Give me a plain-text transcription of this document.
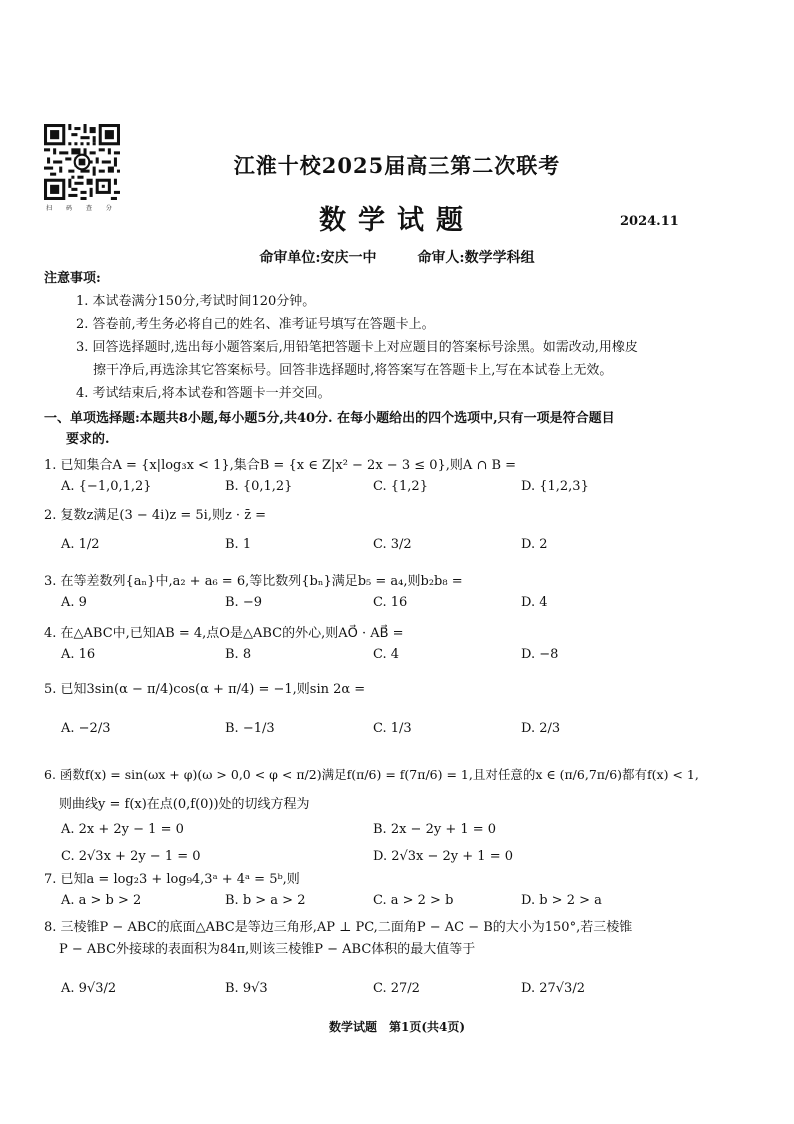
扫 码 查 分
江淮十校2025届高三第二次联考
数学试题	2024.11
命审单位:安庆一中	命审人:数学学科组
注意事项:
1. 本试卷满分150分,考试时间120分钟。
2. 答卷前,考生务必将自己的姓名、准考证号填写在答题卡上。
3. 回答选择题时,选出每小题答案后,用铅笔把答题卡上对应题目的答案标号涂黑。如需改动,用橡皮
擦干净后,再选涂其它答案标号。回答非选择题时,将答案写在答题卡上,写在本试卷上无效。
4. 考试结束后,将本试卷和答题卡一并交回。
一、单项选择题:本题共8小题,每小题5分,共40分. 在每小题给出的四个选项中,只有一项是符合题目
要求的.
1. 已知集合A = {x|log₃x < 1},集合B = {x ∈ Z|x² − 2x − 3 ≤ 0},则A ∩ B =
A. {−1,0,1,2}	B. {0,1,2}	C. {1,2}	D. {1,2,3}
2. 复数z满足(3 − 4i)z = 5i,则z · z̄ =
A. 1/2	B. 1	C. 3/2	D. 2
3. 在等差数列{aₙ}中,a₂ + a₆ = 6,等比数列{bₙ}满足b₅ = a₄,则b₂b₈ =
A. 9	B. −9	C. 16	D. 4
4. 在△ABC中,已知AB = 4,点O是△ABC的外心,则AO⃗ · AB⃗ =
A. 16	B. 8	C. 4	D. −8
5. 已知3sin(α − π/4)cos(α + π/4) = −1,则sin 2α =
A. −2/3	B. −1/3	C. 1/3	D. 2/3
6. 函数f(x) = sin(ωx + φ)(ω > 0,0 < φ < π/2)满足f(π/6) = f(7π/6) = 1,且对任意的x ∈ (π/6,7π/6)都有f(x) < 1,
则曲线y = f(x)在点(0,f(0))处的切线方程为
A. 2x + 2y − 1 = 0	B. 2x − 2y + 1 = 0
C. 2√3x + 2y − 1 = 0	D. 2√3x − 2y + 1 = 0
7. 已知a = log₂3 + log₉4,3ᵃ + 4ᵃ = 5ᵇ,则
A. a > b > 2	B. b > a > 2	C. a > 2 > b	D. b > 2 > a
8. 三棱锥P − ABC的底面△ABC是等边三角形,AP ⊥ PC,二面角P − AC − B的大小为150°,若三棱锥
P − ABC外接球的表面积为84π,则该三棱锥P − ABC体积的最大值等于
A. 9√3/2	B. 9√3	C. 27/2	D. 27√3/2
数学试题　第1页(共4页)
